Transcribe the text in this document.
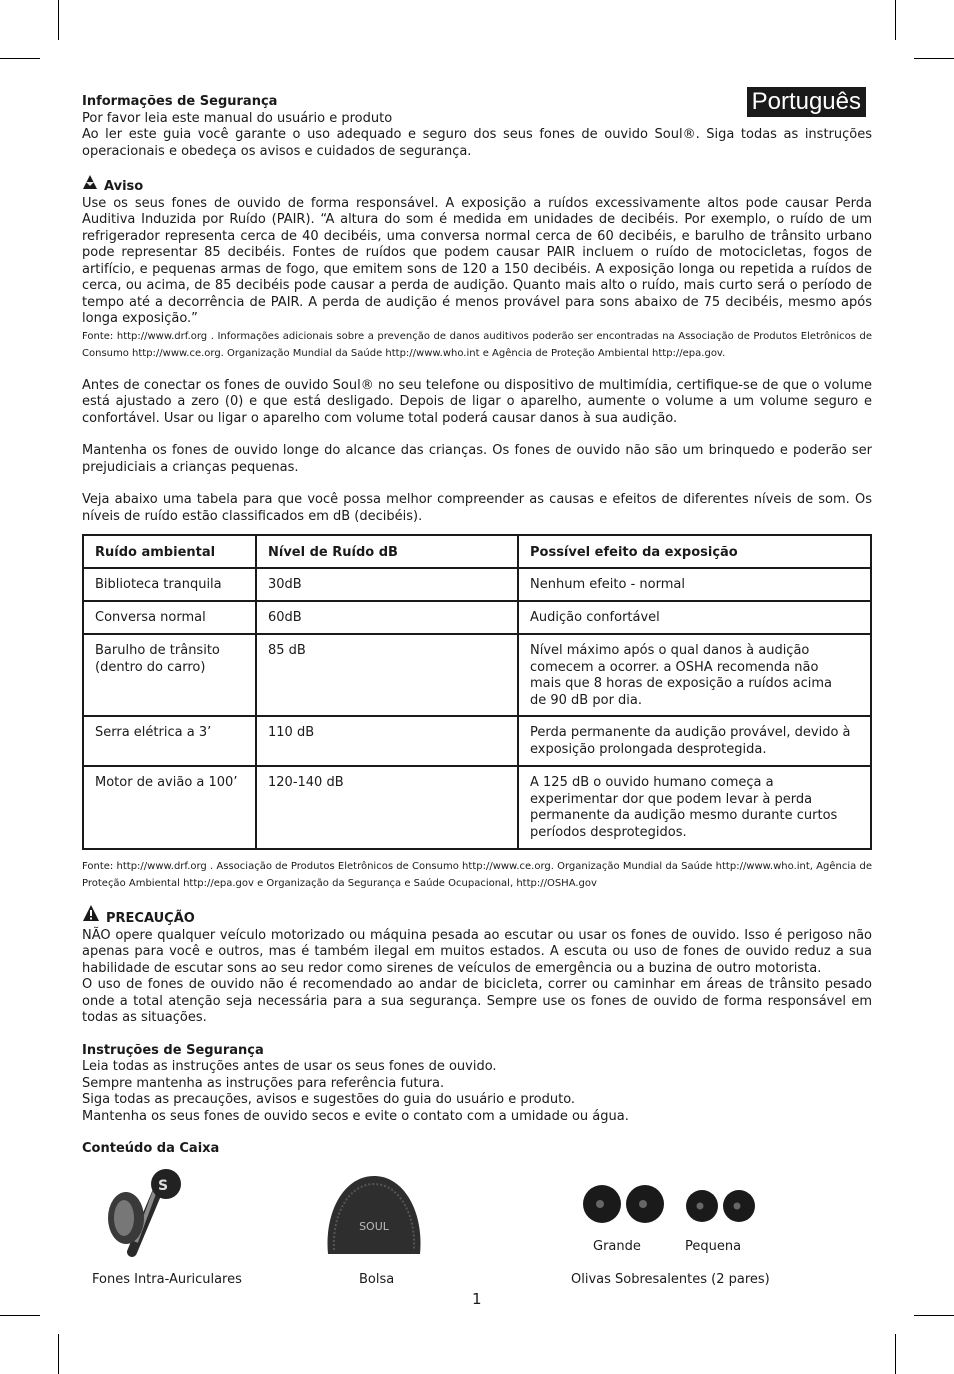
Português
Informações de Segurança

Por favor leia este manual do usuário e produto

Ao ler este guia você garante o uso adequado e seguro dos seus fones de ouvido Soul®. Siga todas as instruções operacionais e obedeça os avisos e cuidados de segurança.

Aviso

Use os seus fones de ouvido de forma responsável. A exposição a ruídos excessivamente altos pode causar Perda Auditiva Induzida por Ruído (PAIR). “A altura do som é medida em unidades de decibéis. Por exemplo, o ruído de um refrigerador representa cerca de 40 decibéis, uma conversa normal cerca de 60 decibéis, e barulho de trânsito urbano pode representar 85 decibéis. Fontes de ruídos que podem causar PAIR incluem o ruído de motocicletas, fogos de artifício, e pequenas armas de fogo, que emitem sons de 120 a 150 decibéis. A exposição longa ou repetida a ruídos de cerca, ou acima, de 85 decibéis pode causar a perda de audição. Quanto mais alto o ruído, mais curto será o período de tempo até a decorrência de PAIR. A perda de audição é menos provável para sons abaixo de 75 decibéis, mesmo após longa exposição.”

Fonte: http://www.drf.org . Informações adicionais sobre a prevenção de danos auditivos poderão ser encontradas na Associação de Produtos Eletrônicos de Consumo http://www.ce.org. Organização Mundial da Saúde http://www.who.int e Agência de Proteção Ambiental http://epa.gov.

Antes de conectar os fones de ouvido Soul® no seu telefone ou dispositivo de multimídia, certifique-se de que o volume está ajustado a zero (0) e que está desligado. Depois de ligar o aparelho, aumente o volume a um volume seguro e confortável. Usar ou ligar o aparelho com volume total poderá causar danos à sua audição.

Mantenha os fones de ouvido longe do alcance das crianças. Os fones de ouvido não são um brinquedo e poderão ser prejudiciais a crianças pequenas.

Veja abaixo uma tabela para que você possa melhor compreender as causas e efeitos de diferentes níveis de som. Os níveis de ruído estão classificados em dB (decibéis).

Ruído ambiental	Nível de Ruído dB	Possível efeito da exposição
Biblioteca tranquila	30dB	Nenhum efeito - normal
Conversa normal	60dB	Audição confortável
Barulho de trânsito (dentro do carro)	85 dB	Nível máximo após o qual danos à audição comecem a ocorrer. a OSHA recomenda não mais que 8 horas de exposição a ruídos acima de 90 dB por dia.
Serra elétrica a 3’	110 dB	Perda permanente da audição provável, devido à exposição prolongada desprotegida.
Motor de avião a 100’	120-140 dB	A 125 dB o ouvido humano começa a experimentar dor que podem levar à perda permanente da audição mesmo durante curtos períodos desprotegidos.
Fonte: http://www.drf.org . Associação de Produtos Eletrônicos de Consumo http://www.ce.org. Organização Mundial da Saúde http://www.who.int, Agência de Proteção Ambiental http://epa.gov e Organização da Segurança e Saúde Ocupacional, http://OSHA.gov
PRECAUÇÃO

NÃO opere qualquer veículo motorizado ou máquina pesada ao escutar ou usar os fones de ouvido. Isso é perigoso não apenas para você e outros, mas é também ilegal em muitos estados. A escuta ou uso de fones de ouvido reduz a sua habilidade de escutar sons ao seu redor como sirenes de veículos de emergência ou a buzina de outro motorista.

O uso de fones de ouvido não é recomendado ao andar de bicicleta, correr ou caminhar em áreas de trânsito pesado onde a total atenção seja necessária para a sua segurança. Sempre use os fones de ouvido de forma responsável em todas as situações.

Instruções de Segurança
Leia todas as instruções antes de usar os seus fones de ouvido.
Sempre mantenha as instruções para referência futura.
Siga todas as precauções, avisos e sugestões do guia do usuário e produto.
Mantenha os seus fones de ouvido secos e evite o contato com a umidade ou água.
Conteúdo da Caixa
S
SOUL
Grande	Pequena
Fones Intra-Auriculares	Bolsa	Olivas Sobresalentes (2 pares)
1
